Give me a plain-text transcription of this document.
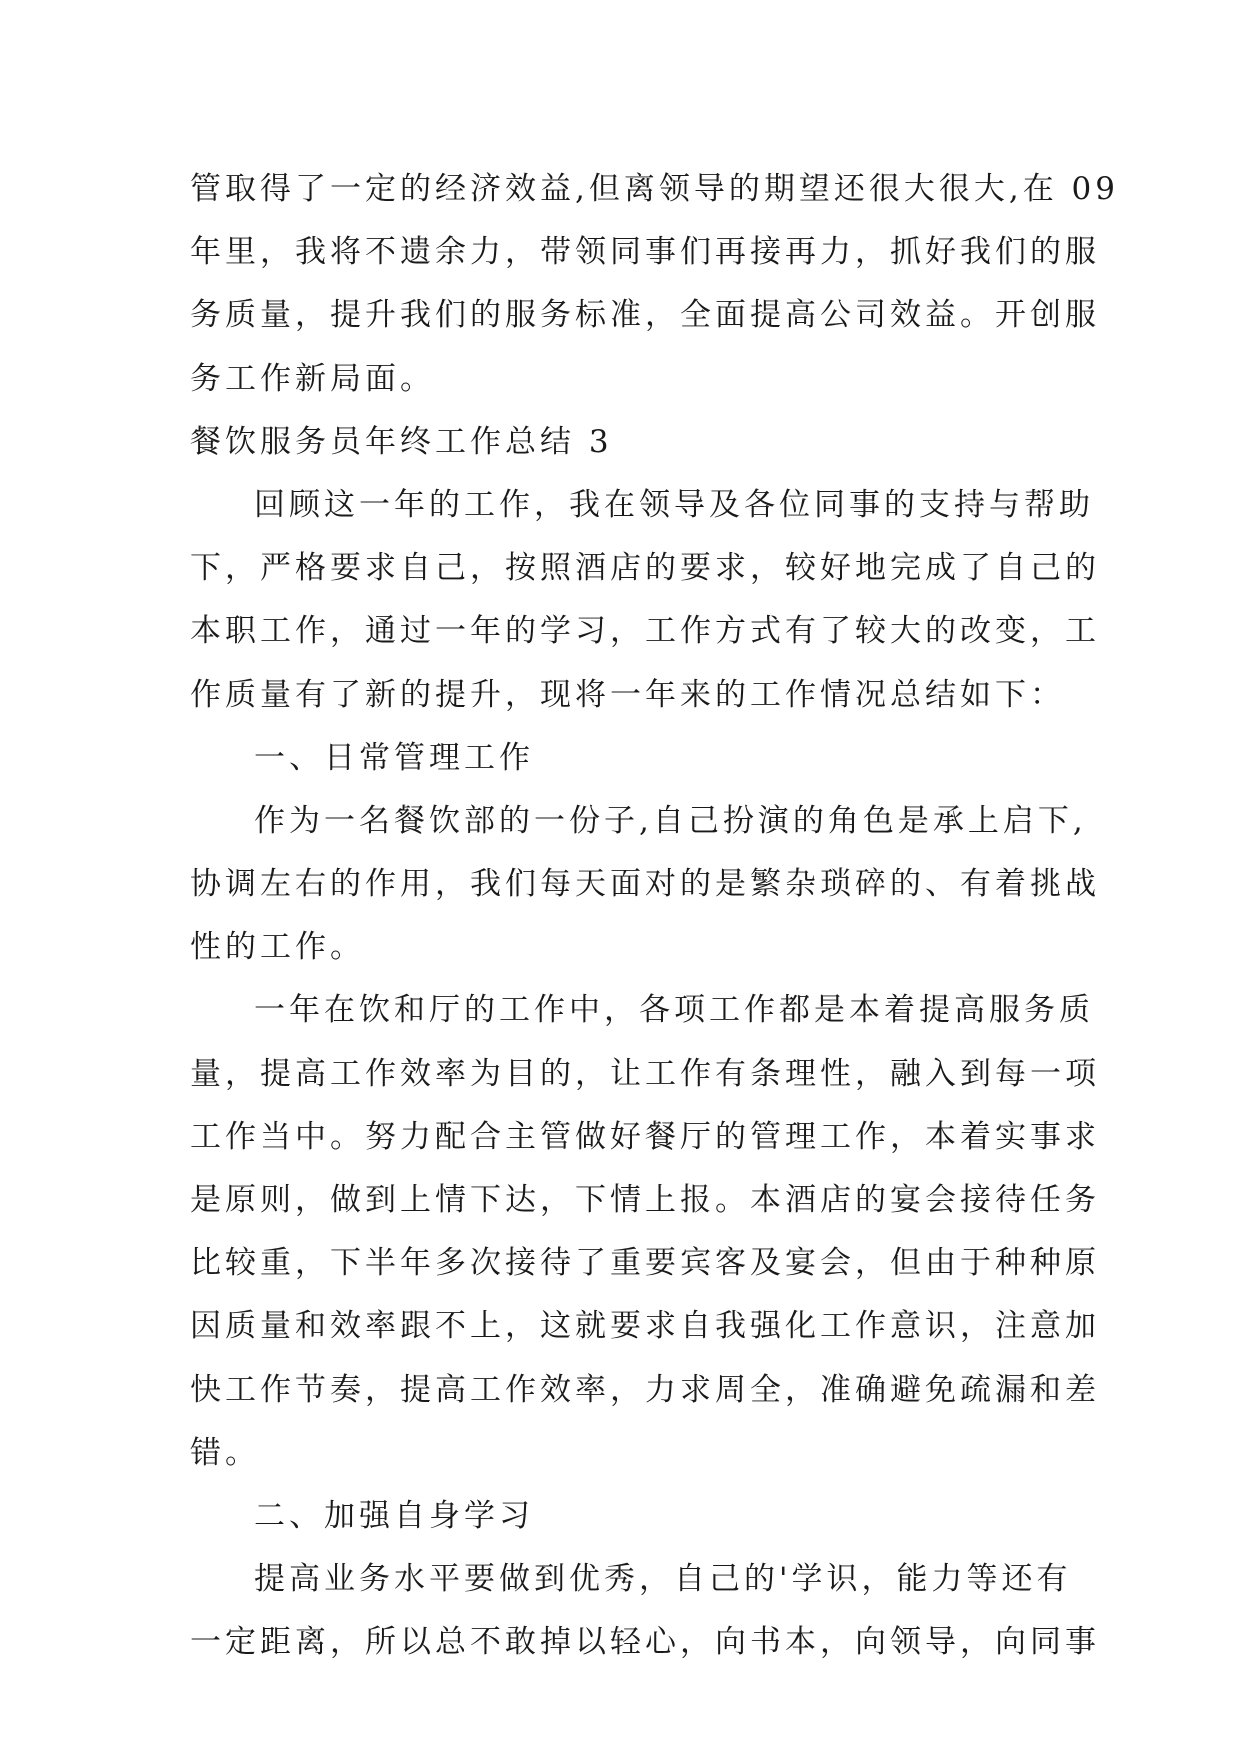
管取得了一定的经济效益,但离领导的期望还很大很大,在 09
年里，我将不遗余力，带领同事们再接再力，抓好我们的服
务质量，提升我们的服务标准，全面提高公司效益。开创服
务工作新局面。
餐饮服务员年终工作总结 3
回顾这一年的工作，我在领导及各位同事的支持与帮助
下，严格要求自己，按照酒店的要求，较好地完成了自己的
本职工作，通过一年的学习，工作方式有了较大的改变，工
作质量有了新的提升，现将一年来的工作情况总结如下：
一、日常管理工作
作为一名餐饮部的一份子,自己扮演的角色是承上启下,
协调左右的作用，我们每天面对的是繁杂琐碎的、有着挑战
性的工作。
一年在饮和厅的工作中，各项工作都是本着提高服务质
量，提高工作效率为目的，让工作有条理性，融入到每一项
工作当中。努力配合主管做好餐厅的管理工作，本着实事求
是原则，做到上情下达，下情上报。本酒店的宴会接待任务
比较重，下半年多次接待了重要宾客及宴会，但由于种种原
因质量和效率跟不上，这就要求自我强化工作意识，注意加
快工作节奏，提高工作效率，力求周全，准确避免疏漏和差
错。
二、加强自身学习
提高业务水平要做到优秀，自己的'学识，能力等还有
一定距离，所以总不敢掉以轻心，向书本，向领导，向同事
